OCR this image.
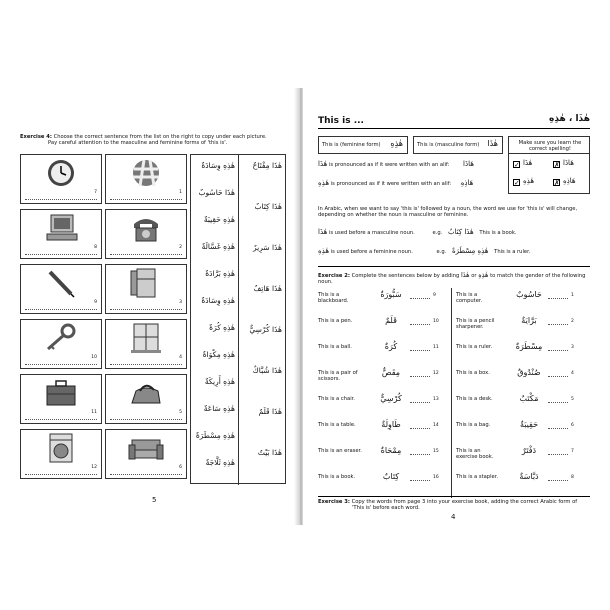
Exercise 4: Choose the correct sentence from the list on the right to copy under each picture.
Pay careful attention to the masculine and feminine forms of 'this is'.
7	1
8	2
9	3
10	4
11	5
12	6
هٰذَا مِفْتَاحٌ
هٰذَا كِتَابٌ
هٰذَا سَرِيرٌ
هٰذَا هَاتِفٌ
هٰذَا كُرْسِيٌّ
هٰذَا شُبَّاكٌ
هٰذَا قَلَمٌ
هٰذَا بَيْتٌ
هٰذِهِ وِسَادَةٌ
هٰذَا حَاسُوبٌ
هٰذِهِ حَقِيبَةٌ
هٰذِهِ غَسَّالَةٌ
هٰذِهِ بَرَّادَةٌ
هٰذِهِ وِسَادَةٌ
هٰذِهِ كُرَةٌ
هٰذِهِ مِكْوَاةٌ
هٰذِهِ أَرِيكَةٌ
هٰذِهِ سَاعَةٌ
هٰذِهِ مِسْطَرَةٌ
هٰذِهِ ثَلَّاجَةٌ
5
This is ...	هٰذَا ، هٰذِهِ
This is (feminine form) هٰذِهِ	This is (masculine form) هٰذَا	Make sure you learn the correct spelling!
✗ هَاذَا
✓ هٰذَا
✗ هَاذِهِ
✓ هٰذِهِ
هٰذَا is pronounced as if it were written with an alif: هَاذَا
هٰذِهِ is pronounced as if it were written with an alif: هَاذِهِ
In Arabic, when we want to say 'this is' followed by a noun, the word we use for 'this is' will change, depending on whether the noun is masculine or feminine.
هٰذَا is used before a masculine noun.	e.g. هٰذَا كِتَابٌ This is a book.
هٰذِهِ is used before a feminine noun.	e.g. هٰذِهِ مِسْطَرَةٌ This is a ruler.
Exercise 2: Complete the sentences below by adding هٰذَا or هٰذِهِ to match the gender of the following noun.
This is a blackboard.
سَبُّورَةٌ	9
This is a pen.	قَلَمٌ	10
This is a ball.	كُرَةٌ	11
This is a pair of scissors.
مِقَصٌّ	12
This is a chair.	كُرْسِيٌّ	13
This is a table.	طَاوِلَةٌ	14
This is an eraser.	مِمْحَاةٌ	15
This is a book.	كِتَابٌ	16
This is a computer.
حَاسُوبٌ	1
This is a pencil sharpener.
بَرَّايَةٌ	2
This is a ruler.	مِسْطَرَةٌ	3
This is a box.	صُنْدُوقٌ	4
This is a desk.	مَكْتَبٌ	5
This is a bag.	حَقِيبَةٌ	6
This is an exercise book.
دَفْتَرٌ	7
This is a stapler.	دَبَّاسَةٌ	8
Exercise 3: Copy the words from page 3 into your exercise book, adding the correct Arabic form of
'This is' before each word.
4
